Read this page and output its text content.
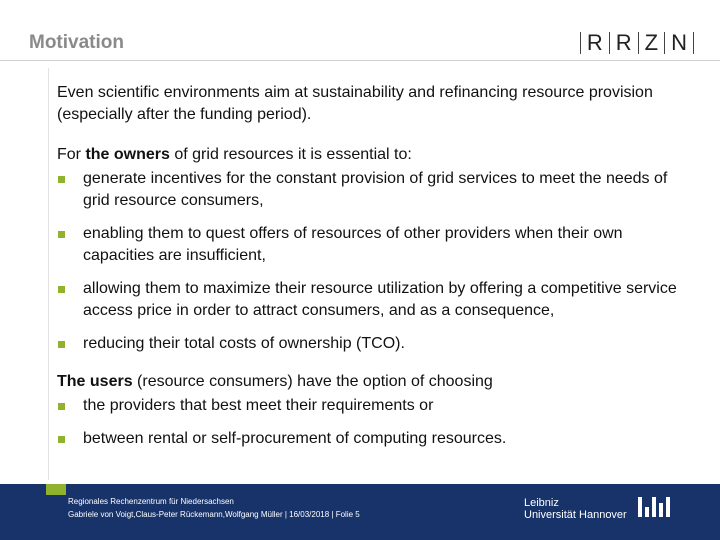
Motivation	R R Z N
Even scientific environments aim at sustainability and refinancing resource provision (especially after the funding period).
For the owners of grid resources it is essential to:
generate incentives for the constant provision of grid services to meet the needs of grid resource consumers,
enabling them to quest offers of resources of other providers when their own capacities are insufficient,
allowing them to maximize their resource utilization by offering a competitive service access price in order to attract consumers, and as a consequence,
reducing their total costs of ownership (TCO).
The users (resource consumers) have the option of choosing
the providers that best meet their requirements or
between rental or self-procurement of computing resources.
Regionales Rechenzentrum für Niedersachsen
Gabriele von Voigt,Claus-Peter Rückemann,Wolfgang Müller | 16/03/2018 | Folie 5
Leibniz
Universität Hannover
